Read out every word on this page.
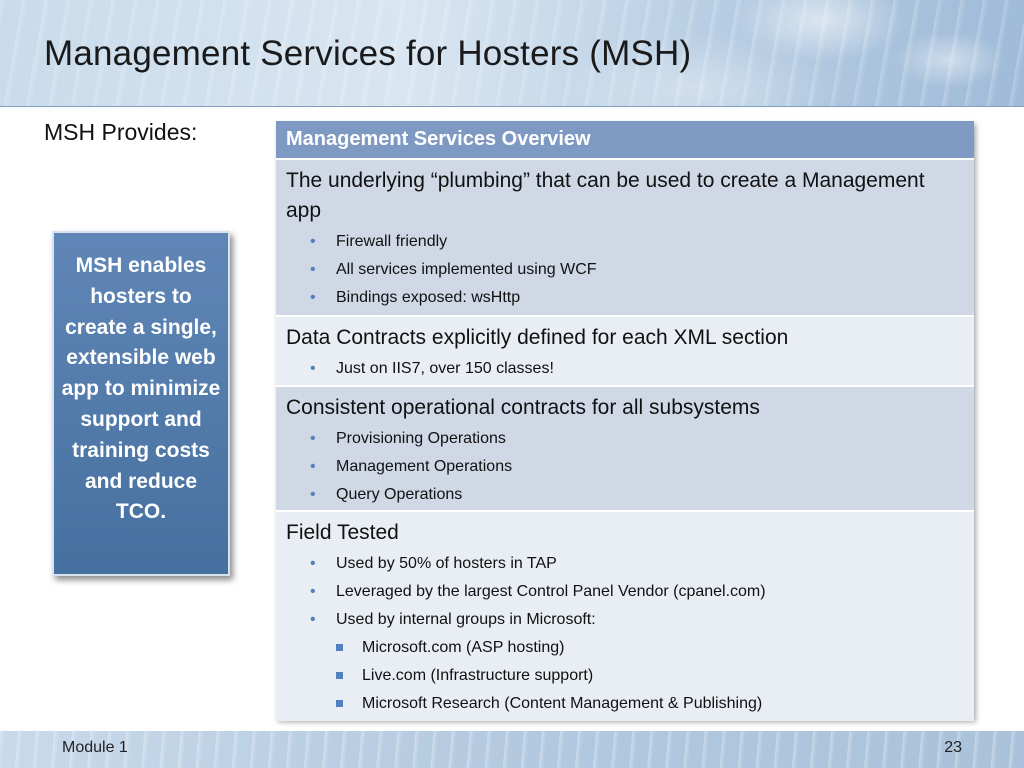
Management Services for Hosters (MSH)
MSH Provides:
MSH enables hosters to create a single, extensible web app to minimize support and training costs and reduce TCO.
Management Services Overview
The underlying “plumbing” that can be used to create a Management app
• Firewall friendly
• All services implemented using WCF
• Bindings exposed: wsHttp
Data Contracts explicitly defined for each XML section
• Just on IIS7, over 150 classes!
Consistent operational contracts for all subsystems
• Provisioning Operations
• Management Operations
• Query Operations
Field Tested
• Used by 50% of hosters in TAP
• Leveraged by the largest Control Panel Vendor (cpanel.com)
• Used by internal groups in Microsoft:
Microsoft.com (ASP hosting)
Live.com (Infrastructure support)
Microsoft Research (Content Management & Publishing)
Module 1	23
